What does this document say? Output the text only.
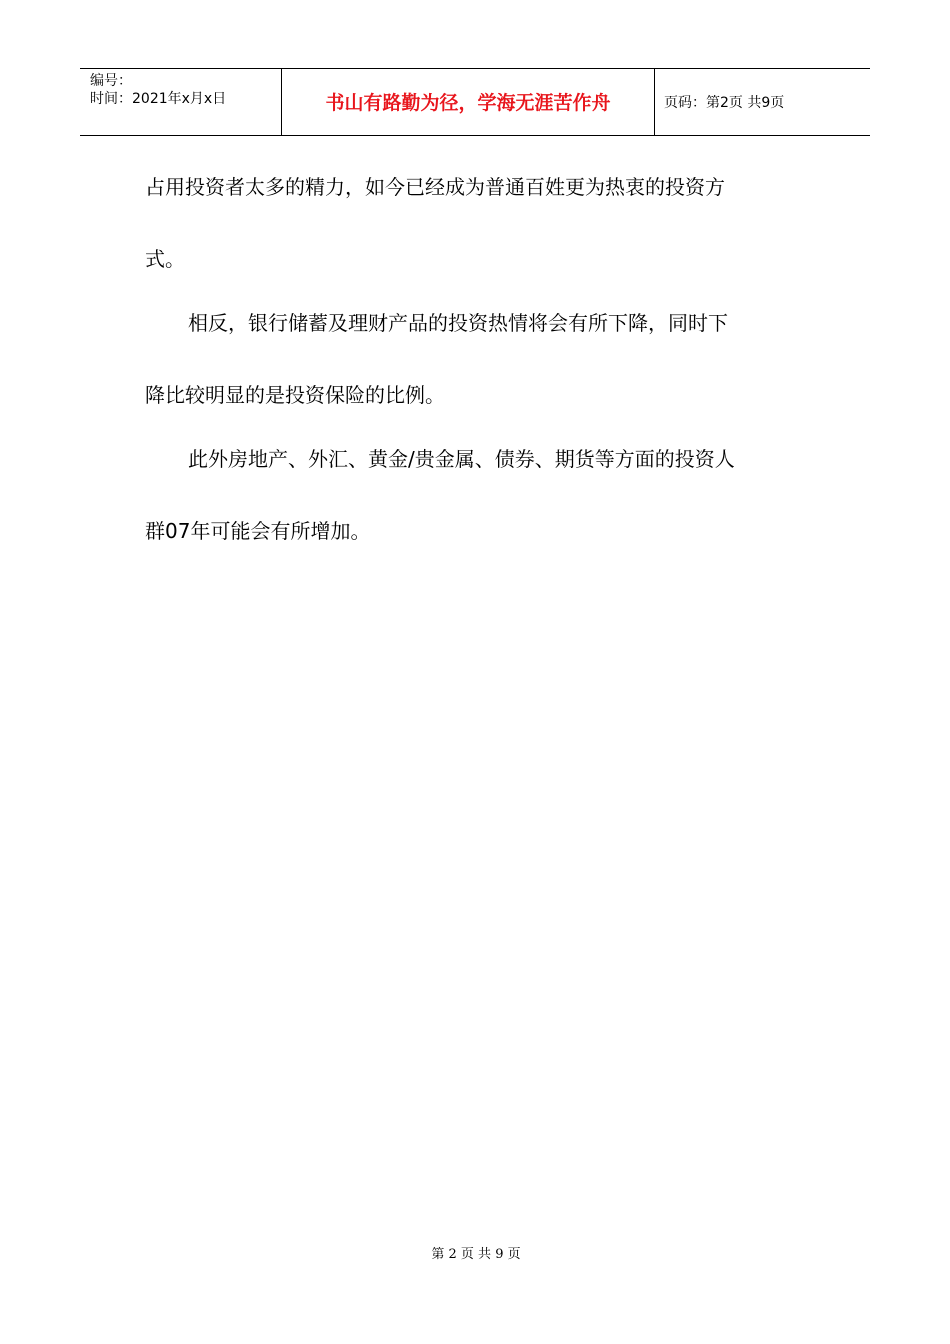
编号：
时间：2021年x月x日	书山有路勤为径，学海无涯苦作舟	页码：第2页 共9页
占用投资者太多的精力，如今已经成为普通百姓更为热衷的投资方
式。
相反，银行储蓄及理财产品的投资热情将会有所下降，同时下
降比较明显的是投资保险的比例。
此外房地产、外汇、黄金/贵金属、债券、期货等方面的投资人
群07年可能会有所增加。
第 2 页 共 9 页
